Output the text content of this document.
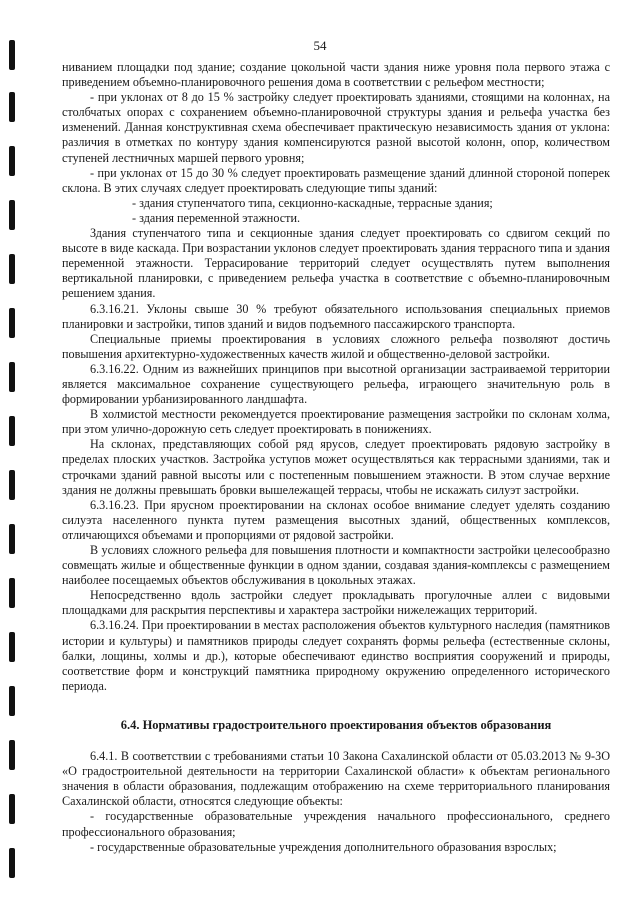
54

нивaнием площадки под здание; создание цокольной части здания ниже уровня пола первого этажа с приведением объемно-планировочного решения дома в соответствии с рельефом местности;

- при уклонах от 8 до 15 % застройку следует проектировать зданиями, стоящими на колоннах, на столбчатых опорах с сохранением объемно-планировочной структуры здания и рельефа участка без изменений. Данная конструктивная схема обеспечивает практическую независимость здания от уклона: различия в отметках по контуру здания компенсируются разной высотой колонн, опор, количеством ступеней лестничных маршей первого уровня;

- при уклонах от 15 до 30 % следует проектировать размещение зданий длинной стороной поперек склона. В этих случаях следует проектировать следующие типы зданий:

- здания ступенчатого типа, секционно-каскадные, террасные здания;

- здания переменной этажности.

Здания ступенчатого типа и секционные здания следует проектировать со сдвигом секций по высоте в виде каскада. При возрастании уклонов следует проектировать здания террасного типа и здания переменной этажности. Террасирование территорий следует осуществлять путем выполнения вертикальной планировки, с приведением рельефа участка в соответствие с объемно-планировочным решением здания.

6.3.16.21. Уклоны свыше 30 % требуют обязательного использования специальных приемов планировки и застройки, типов зданий и видов подъемного пассажирского транспорта.

Специальные приемы проектирования в условиях сложного рельефа позволяют достичь повышения архитектурно-художественных качеств жилой и общественно-деловой застройки.

6.3.16.22. Одним из важнейших принципов при высотной организации застраиваемой территории является максимальное сохранение существующего рельефа, играющего значительную роль в формировании урбанизированного ландшафта.

В холмистой местности рекомендуется проектирование размещения застройки по склонам холма, при этом улично-дорожную сеть следует проектировать в понижениях.

На склонах, представляющих собой ряд ярусов, следует проектировать рядовую застройку в пределах плоских участков. Застройка уступов может осуществляться как террасными зданиями, так и строчками зданий равной высоты или с постепенным повышением этажности. В этом случае верхние здания не должны превышать бровки вышележащей террасы, чтобы не искажать силуэт застройки.

6.3.16.23. При ярусном проектировании на склонах особое внимание следует уделять созданию силуэта населенного пункта путем размещения высотных зданий, общественных комплексов, отличающихся объемами и пропорциями от рядовой застройки.

В условиях сложного рельефа для повышения плотности и компактности застройки целесообразно совмещать жилые и общественные функции в одном здании, создавая здания-комплексы с размещением наиболее посещаемых объектов обслуживания в цокольных этажах.

Непосредственно вдоль застройки следует прокладывать прогулочные аллеи с видовыми площадками для раскрытия перспективы и характера застройки нижележащих территорий.

6.3.16.24. При проектировании в местах расположения объектов культурного наследия (памятников истории и культуры) и памятников природы следует сохранять формы рельефа (естественные склоны, балки, лощины, холмы и др.), которые обеспечивают единство восприятия сооружений и природы, соответствие форм и конструкций памятника природному окружению определенного исторического периода.

6.4. Нормативы градостроительного проектирования объектов образования

6.4.1. В соответствии с требованиями статьи 10 Закона Сахалинской области от 05.03.2013 № 9-ЗО «О градостроительной деятельности на территории Сахалинской области» к объектам регионального значения в области образования, подлежащим отображению на схеме территориального планирования Сахалинской области, относятся следующие объекты:

- государственные образовательные учреждения начального профессионального, среднего профессионального образования;

- государственные образовательные учреждения дополнительного образования взрослых;
